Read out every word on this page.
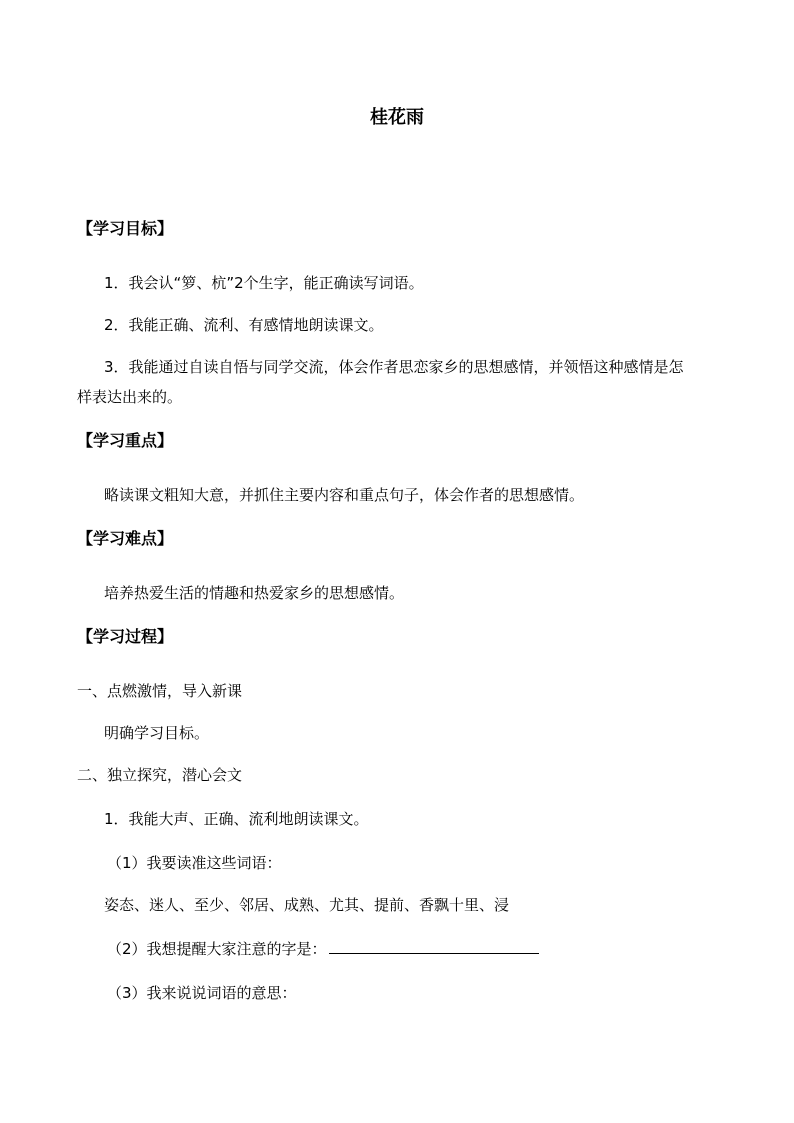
桂花雨
【学习目标】
1．我会认“箩、杭”2个生字，能正确读写词语。
2．我能正确、流利、有感情地朗读课文。
3．我能通过自读自悟与同学交流，体会作者思恋家乡的思想感情，并领悟这种感情是怎
样表达出来的。
【学习重点】
略读课文粗知大意，并抓住主要内容和重点句子，体会作者的思想感情。
【学习难点】
培养热爱生活的情趣和热爱家乡的思想感情。
【学习过程】
一、点燃激情，导入新课
明确学习目标。
二、独立探究，潜心会文
1．我能大声、正确、流利地朗读课文。
（1）我要读准这些词语：
姿态、迷人、至少、邻居、成熟、尤其、提前、香飘十里、浸
（2）我想提醒大家注意的字是：
（3）我来说说词语的意思：
